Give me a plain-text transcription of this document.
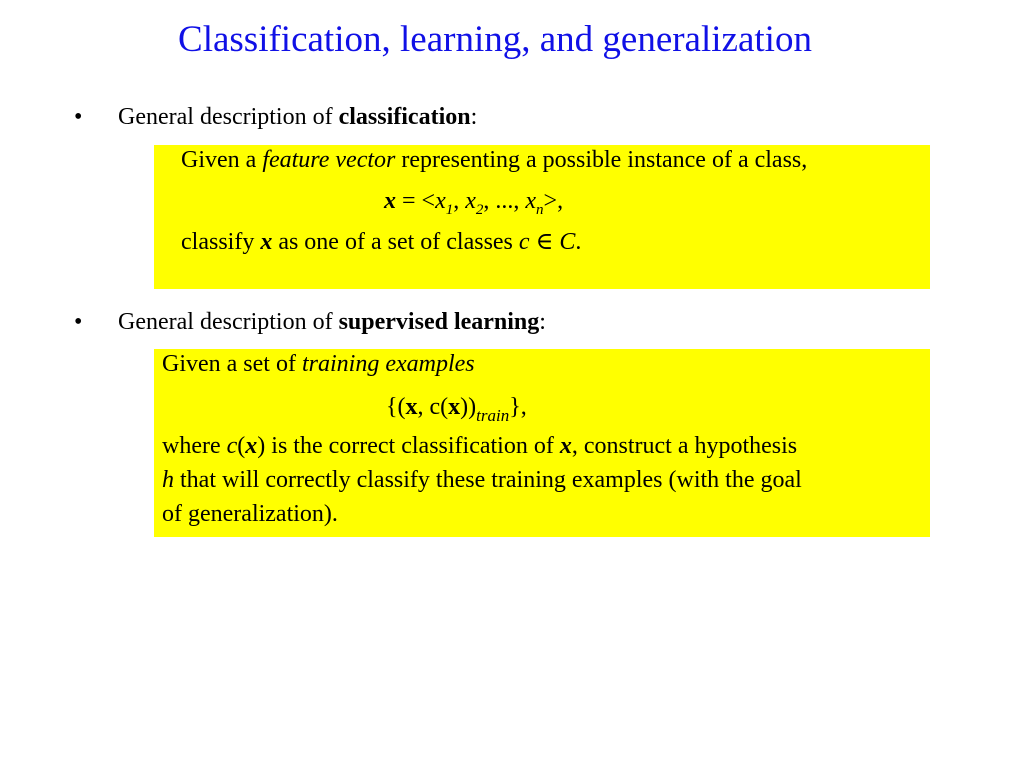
Classification, learning, and generalization
• General description of classification:
Given a feature vector representing a possible instance of a class,
$x = <x_1$, $x_2$, ..., $x_n>$,
classify x as one of a set of classes c ∈ C.
• General description of supervised learning:
Given a set of training examples
{(x, $c(x))_{train}$},
where c(x) is the correct classification of x, construct a hypothesis
h that will correctly classify these training examples (with the goal
of generalization).
